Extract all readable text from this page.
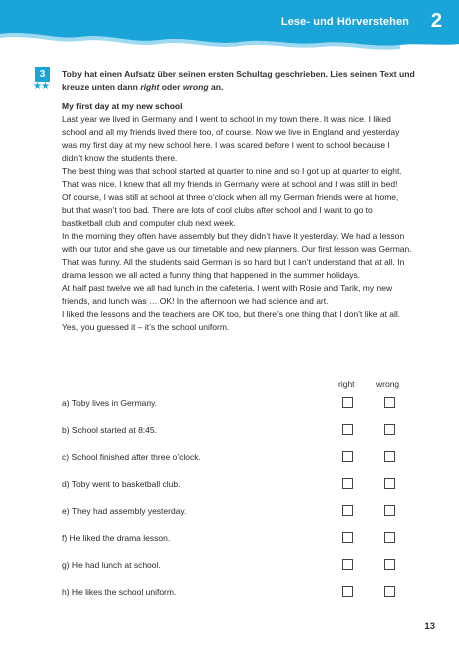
Lese- und Hörverstehen 2
3
★★
Toby hat einen Aufsatz über seinen ersten Schultag geschrieben. Lies seinen Text und kreuze unten dann right oder wrong an.

My first day at my new school

Last year we lived in Germany and I went to school in my town there. It was nice. I liked school and all my friends lived there too, of course. Now we live in England and yesterday was my first day at my new school here. I was scared before I went to school because I didn’t know the students there.

The best thing was that school started at quarter to nine and so I got up at quarter to eight. That was nice. I knew that all my friends in Germany were at school and I was still in bed!

Of course, I was still at school at three o’clock when all my German friends were at home, but that wasn’t too bad. There are lots of cool clubs after school and I want to go to bastketball club and computer club next week.

In the morning they often have assembly but they didn’t have it yesterday. We had a lesson with our tutor and she gave us our timetable and new planners. Our first lesson was German. That was funny. All the students said German is so hard but I can’t understand that at all. In drama lesson we all acted a funny thing that happened in the summer holidays.

At half past twelve we all had lunch in the cafeteria. I went with Rosie and Tarik, my new friends, and lunch was … OK! In the afternoon we had science and art.

I liked the lessons and the teachers are OK too, but there’s one thing that I don’t like at all. Yes, you guessed it – it’s the school uniform.

right	wrong
a) Toby lives in Germany.
b) School started at 8:45.
c) School finished after three o’clock.
d) Toby went to basketball club.
e) They had assembly yesterday.
f) He liked the drama lesson.
g) He had lunch at school.
h) He likes the school uniform.
13
